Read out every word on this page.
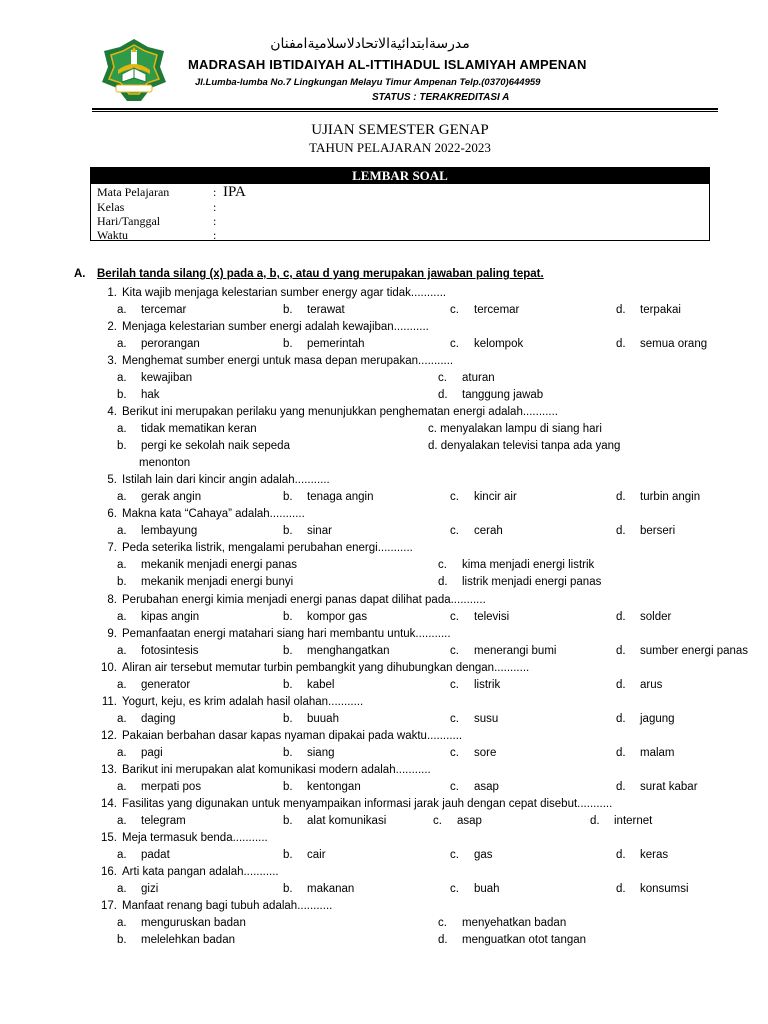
مدرسةابتدائيةالاتحادلاسلاميةامفنان
MADRASAH IBTIDAIYAH AL-ITTIHADUL ISLAMIYAH AMPENAN
Jl.Lumba-lumba No.7 Lingkungan Melayu Timur Ampenan Telp.(0370)644959
STATUS : TERAKREDITASI A
UJIAN SEMESTER GENAP
TAHUN PELAJARAN 2022-2023
LEMBAR SOAL
Mata Pelajaran	: IPA
Kelas	:
Hari/Tanggal	:
Waktu	:
A. Berilah tanda silang (x) pada a, b, c, atau d yang merupakan jawaban paling tepat.
1. Kita wajib menjaga kelestarian sumber energy agar tidak...........
a. tercemar	b. terawat	c. tercemar	d. terpakai
2. Menjaga kelestarian sumber energi adalah kewajiban...........
a. perorangan	b. pemerintah	c. kelompok	d. semua orang
3. Menghemat sumber energi untuk masa depan merupakan...........
a. kewajiban	c. aturan
b. hak	d. tanggung jawab
4. Berikut ini merupakan perilaku yang menunjukkan penghematan energi adalah...........
a. tidak mematikan keran	c. menyalakan lampu di siang hari
b. pergi ke sekolah naik sepeda	d. denyalakan televisi tanpa ada yang
menonton
5. Istilah lain dari kincir angin adalah...........
a. gerak angin	b. tenaga angin	c. kincir air	d. turbin angin
6. Makna kata “Cahaya” adalah...........
a. lembayung	b. sinar	c. cerah	d. berseri
7. Peda seterika listrik, mengalami perubahan energi...........
a. mekanik menjadi energi panas	c. kima menjadi energi listrik
b. mekanik menjadi energi bunyi	d. listrik menjadi energi panas
8. Perubahan energi kimia menjadi energi panas dapat dilihat pada...........
a. kipas angin	b. kompor gas	c. televisi	d. solder
9. Pemanfaatan energi matahari siang hari membantu untuk...........
a. fotosintesis	b. menghangatkan	c. menerangi bumi	d. sumber energi panas
10. Aliran air tersebut memutar turbin pembangkit yang dihubungkan dengan...........
a. generator	b. kabel	c. listrik	d. arus
11. Yogurt, keju, es krim adalah hasil olahan...........
a. daging	b. buuah	c. susu	d. jagung
12. Pakaian berbahan dasar kapas nyaman dipakai pada waktu...........
a. pagi	b. siang	c. sore	d. malam
13. Barikut ini merupakan alat komunikasi modern adalah...........
a. merpati pos	b. kentongan	c. asap	d. surat kabar
14. Fasilitas yang digunakan untuk menyampaikan informasi jarak jauh dengan cepat disebut...........
a. telegram	b. alat komunikasi	c. asap	d. internet
15. Meja termasuk benda...........
a. padat	b. cair	c. gas	d. keras
16. Arti kata pangan adalah...........
a. gizi	b. makanan	c. buah	d. konsumsi
17. Manfaat renang bagi tubuh adalah...........
a. menguruskan badan	c. menyehatkan badan
b. melelehkan badan	d. menguatkan otot tangan
